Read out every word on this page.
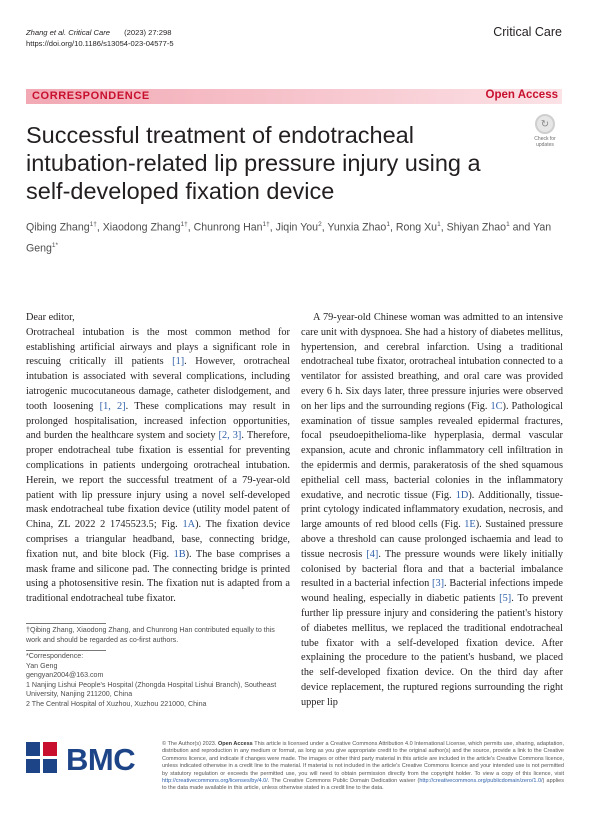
Zhang et al. Critical Care (2023) 27:298
https://doi.org/10.1186/s13054-023-04577-5
Critical Care
CORRESPONDENCE	Open Access
Successful treatment of endotracheal intubation-related lip pressure injury using a self-developed fixation device
↻
Check for updates
Qibing Zhang$^{1\dagger}$, Xiaodong Zhang$^{1\dagger}$, Chunrong Han$^{1\dagger}$, Jiqin You$^2$, Yunxia Zhao$^1$, Rong Xu$^1$, Shiyan Zhao$^1$ and Yan Geng$^{1*}$

Dear editor,

Orotracheal intubation is the most common method for establishing artificial airways and plays a significant role in rescuing critically ill patients [1]. However, orotracheal intubation is associated with several complications, including iatrogenic mucocutaneous damage, catheter dislodgement, and tooth loosening [1, 2]. These complications may result in prolonged hospitalisation, increased infection opportunities, and burden the healthcare system and society [2, 3]. Therefore, proper endotracheal tube fixation is essential for preventing complications in patients undergoing orotracheal intubation. Herein, we report the successful treatment of a 79-year-old patient with lip pressure injury using a novel self-developed mask endotracheal tube fixation device (utility model patent of China, ZL 2022 2 1745523.5; Fig. 1A). The fixation device comprises a triangular headband, base, connecting bridge, fixation nut, and bite block (Fig. 1B). The base comprises a mask frame and silicone pad. The connecting bridge is printed using a photosensitive resin. The fixation nut is adapted from a traditional endotracheal tube fixator.

A 79-year-old Chinese woman was admitted to an intensive care unit with dyspnoea. She had a history of diabetes mellitus, hypertension, and cerebral infarction. Using a traditional endotracheal tube fixator, orotracheal intubation connected to a ventilator for assisted breathing, and oral care was provided every 6 h. Six days later, three pressure injuries were observed on her lips and the surrounding regions (Fig. 1C). Pathological examination of tissue samples revealed epidermal fractures, focal pseudoepithelioma-like hyperplasia, dermal vascular expansion, acute and chronic inflammatory cell infiltration in the epidermis and dermis, parakeratosis of the shed squamous epithelial cell mass, bacterial colonies in the inflammatory exudative, and necrotic tissue (Fig. 1D). Additionally, tissue-print cytology indicated inflammatory exudation, necrosis, and large amounts of red blood cells (Fig. 1E). Sustained pressure above a threshold can cause prolonged ischaemia and lead to tissue necrosis [4]. The pressure wounds were likely initially colonised by bacterial flora and that a bacterial imbalance resulted in a bacterial infection [3]. Bacterial infections impede wound healing, especially in diabetic patients [5]. To prevent further lip pressure injury and considering the patient's history of diabetes mellitus, we replaced the traditional endotracheal tube fixator with a self-developed fixation device. After explaining the procedure to the patient's husband, we placed the self-developed fixation device. On the third day after device replacement, the ruptured regions surrounding the right upper lip

†Qibing Zhang, Xiaodong Zhang, and Chunrong Han contributed equally to this work and should be regarded as co-first authors.
*Correspondence:
Yan Geng
gengyan2004@163.com
1 Nanjing Lishui People's Hospital (Zhongda Hospital Lishui Branch), Southeast University, Nanjing 211200, China
2 The Central Hospital of Xuzhou, Xuzhou 221000, China
BMC	© The Author(s) 2023. Open Access This article is licensed under a Creative Commons Attribution 4.0 International License, which permits use, sharing, adaptation, distribution and reproduction in any medium or format, as long as you give appropriate credit to the original author(s) and the source, provide a link to the Creative Commons licence, and indicate if changes were made. The images or other third party material in this article are included in the article's Creative Commons licence, unless indicated otherwise in a credit line to the material. If material is not included in the article's Creative Commons licence and your intended use is not permitted by statutory regulation or exceeds the permitted use, you will need to obtain permission directly from the copyright holder. To view a copy of this licence, visit http://creativecommons.org/licenses/by/4.0/. The Creative Commons Public Domain Dedication waiver (http://creativecommons.org/publicdomain/zero/1.0/) applies to the data made available in this article, unless otherwise stated in a credit line to the data.
